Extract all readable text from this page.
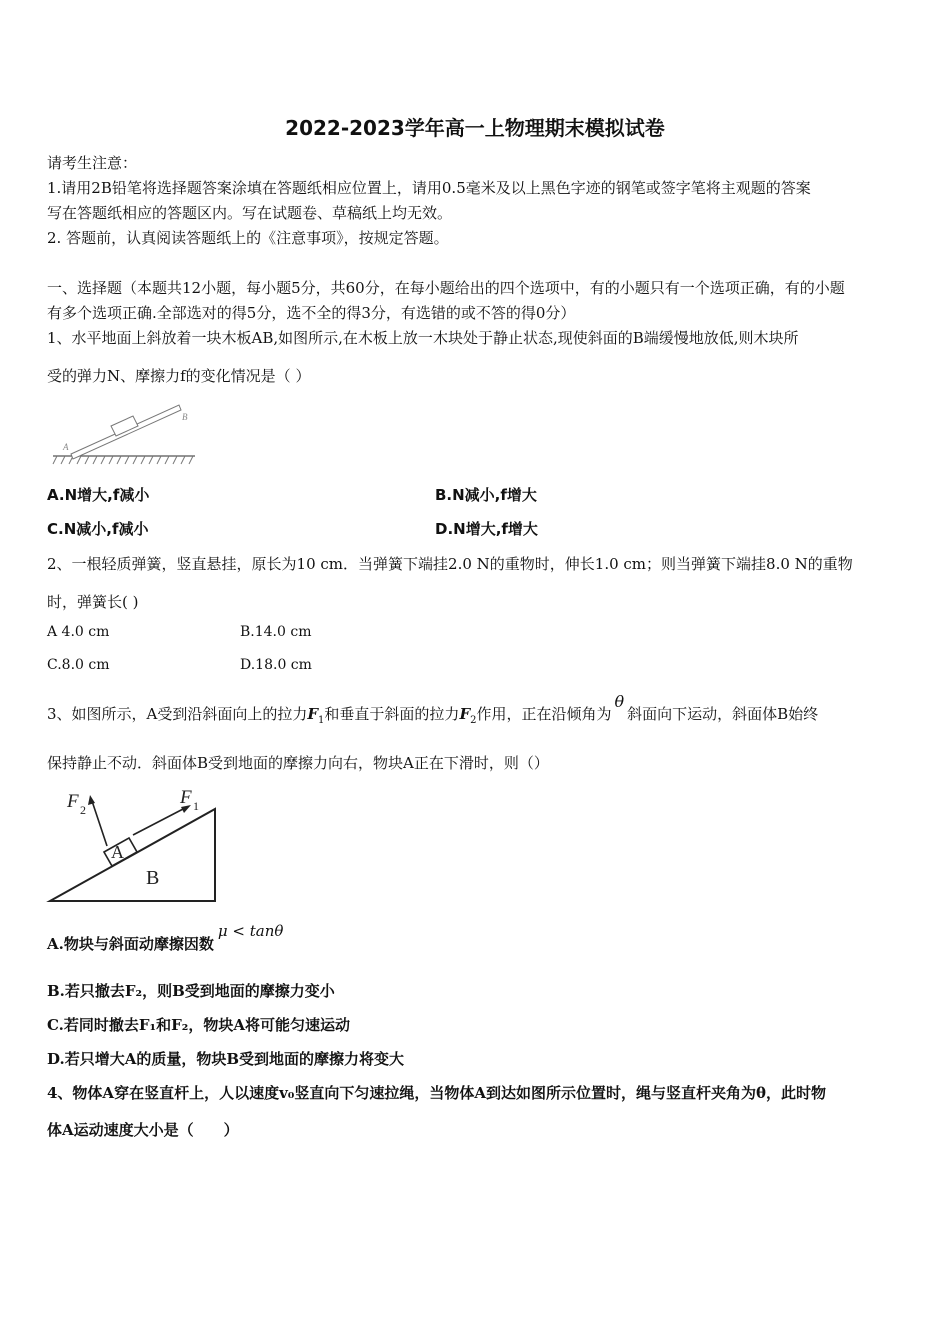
2022-2023学年高一上物理期末模拟试卷
请考生注意：
1.请用2B铅笔将选择题答案涂填在答题纸相应位置上，请用0.5毫米及以上黑色字迹的钢笔或签字笔将主观题的答案
写在答题纸相应的答题区内。写在试题卷、草稿纸上均无效。
2. 答题前，认真阅读答题纸上的《注意事项》，按规定答题。
一、选择题（本题共12小题，每小题5分，共60分，在每小题给出的四个选项中，有的小题只有一个选项正确，有的小题
有多个选项正确.全部选对的得5分，选不全的得3分，有选错的或不答的得0分）
1、水平地面上斜放着一块木板AB,如图所示,在木板上放一木块处于静止状态,现使斜面的B端缓慢地放低,则木块所
受的弹力N、摩擦力f的变化情况是（ ）
A
B
A.N增大,f减小	B.N减小,f增大
C.N减小,f减小	D.N增大,f增大
2、一根轻质弹簧，竖直悬挂，原长为10 cm．当弹簧下端挂2.0 N的重物时，伸长1.0 cm；则当弹簧下端挂8.0 N的重物
时，弹簧长( )
A 4.0 cm	B.14.0 cm
C.8.0 cm	D.18.0 cm
3、如图所示，A受到沿斜面向上的拉力$F_1$和垂直于斜面的拉力$F_2$作用，正在沿倾角为θ斜面向下运动，斜面体B始终
保持静止不动．斜面体B受到地面的摩擦力向右，物块A正在下滑时，则（）
A
B
F 2
F 1
A.物块与斜面动摩擦因数μ < tanθ
B.若只撤去F₂，则B受到地面的摩擦力变小
C.若同时撤去F₁和F₂，物块A将可能匀速运动
D.若只增大A的质量，物块B受到地面的摩擦力将变大
4、物体A穿在竖直杆上，人以速度v₀竖直向下匀速拉绳，当物体A到达如图所示位置时，绳与竖直杆夹角为θ，此时物
体A运动速度大小是（　　）
